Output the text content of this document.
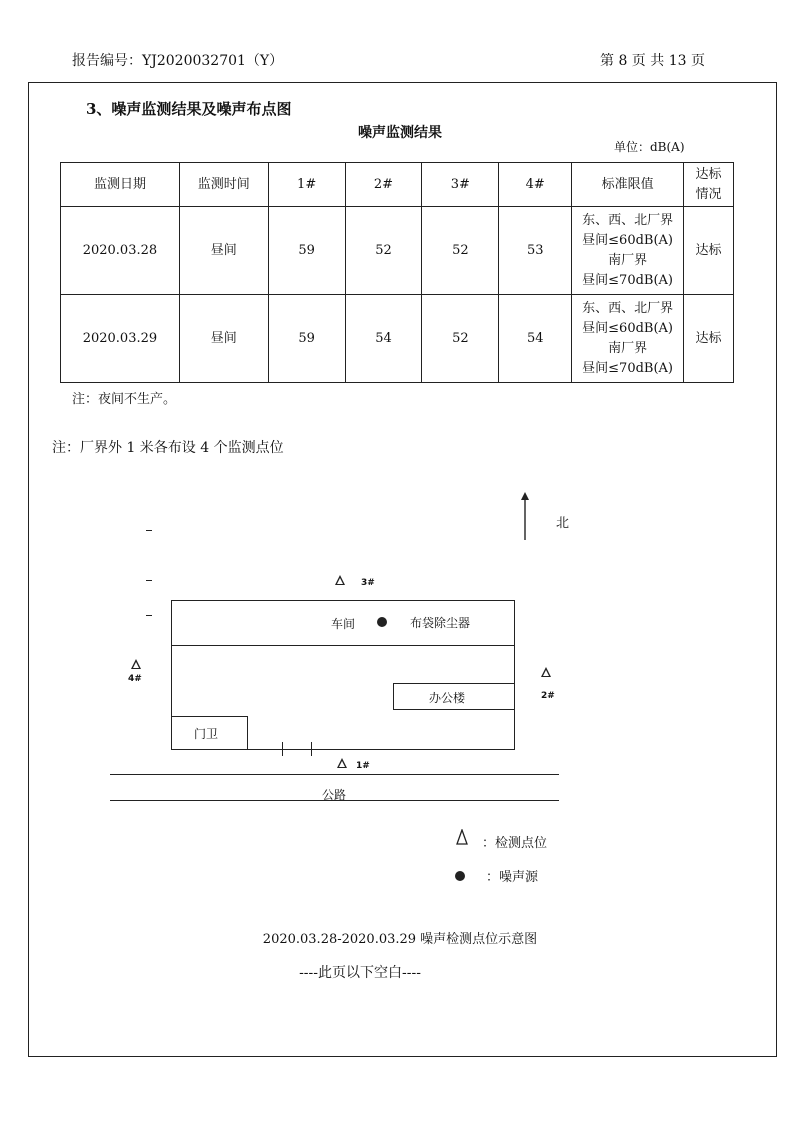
报告编号：YJ2020032701（Y）	第 8 页 共 13 页
3、噪声监测结果及噪声布点图
噪声监测结果
单位：dB(A)
监测日期	监测时间	1#	2#	3#	4#	标准限值	达标情况
2020.03.28	昼间	59	52	52	53	东、西、北厂界
昼间≤60dB(A)
南厂界
昼间≤70dB(A)	达标
2020.03.29	昼间	59	54	52	54	东、西、北厂界
昼间≤60dB(A)
南厂界
昼间≤70dB(A)	达标
注：夜间不生产。
注：厂界外 1 米各布设 4 个监测点位
北
3#
车间	布袋除尘器
4#
2#
办公楼
门卫
1#
公路
：检测点位
：噪声源
2020.03.28-2020.03.29 噪声检测点位示意图
----此页以下空白----
